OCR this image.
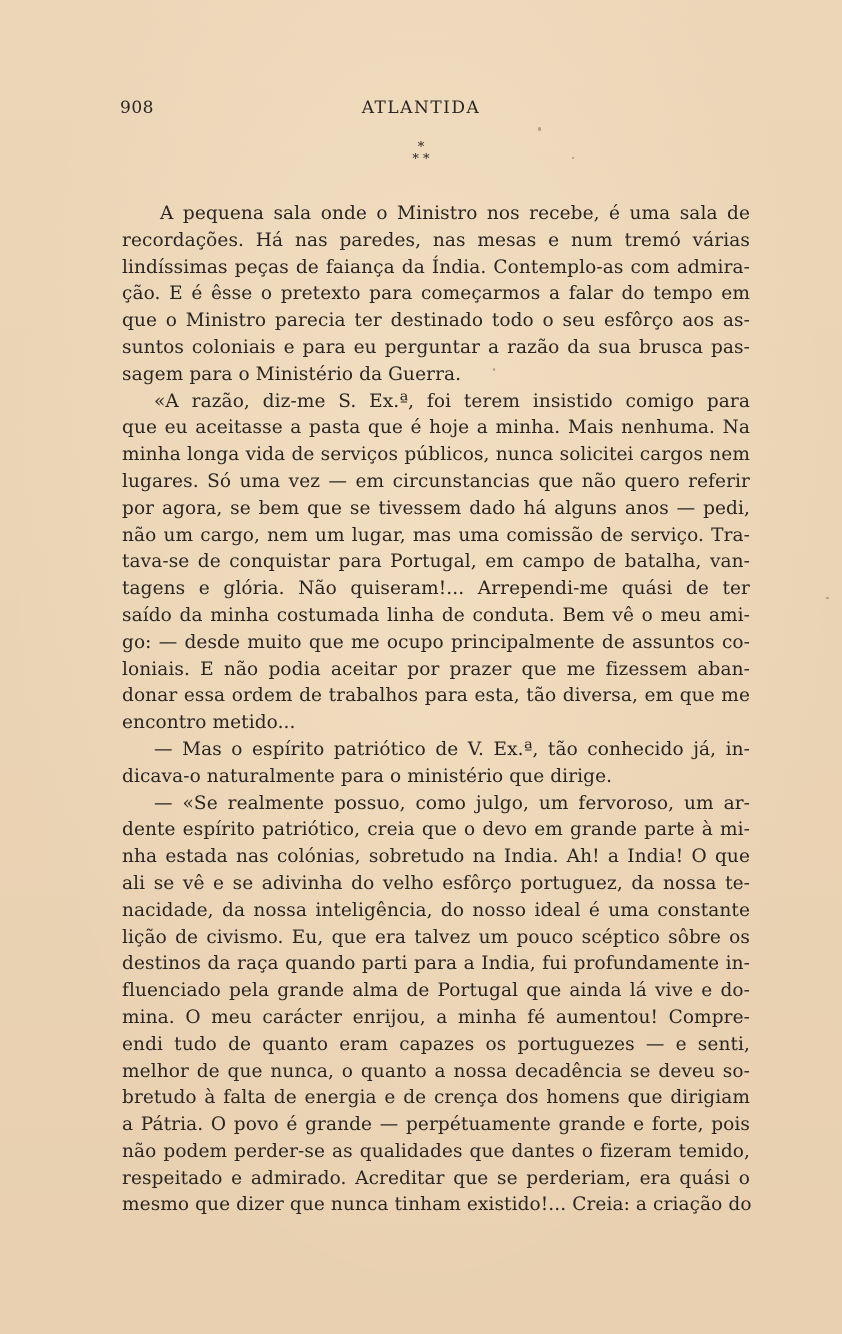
908	ATLANTIDA
*
* *
A pequena sala onde o Ministro nos recebe, é uma sala de
recordações. Há nas paredes, nas mesas e num tremó várias
lindíssimas peças de faiança da Índia. Contemplo-as com admira-
ção. E é êsse o pretexto para começarmos a falar do tempo em
que o Ministro parecia ter destinado todo o seu esfôrço aos as-
suntos coloniais e para eu perguntar a razão da sua brusca pas-
sagem para o Ministério da Guerra.
«A razão, diz-me S. Ex.ª, foi terem insistido comigo para
que eu aceitasse a pasta que é hoje a minha. Mais nenhuma. Na
minha longa vida de serviços públicos, nunca solicitei cargos nem
lugares. Só uma vez — em circunstancias que não quero referir
por agora, se bem que se tivessem dado há alguns anos — pedi,
não um cargo, nem um lugar, mas uma comissão de serviço. Tra-
tava-se de conquistar para Portugal, em campo de batalha, van-
tagens e glória. Não quiseram!... Arrependi-me quási de ter
saído da minha costumada linha de conduta. Bem vê o meu ami-
go: — desde muito que me ocupo principalmente de assuntos co-
loniais. E não podia aceitar por prazer que me fizessem aban-
donar essa ordem de trabalhos para esta, tão diversa, em que me
encontro metido...
— Mas o espírito patriótico de V. Ex.ª, tão conhecido já, in-
dicava-o naturalmente para o ministério que dirige.
— «Se realmente possuo, como julgo, um fervoroso, um ar-
dente espírito patriótico, creia que o devo em grande parte à mi-
nha estada nas colónias, sobretudo na India. Ah! a India! O que
ali se vê e se adivinha do velho esfôrço portuguez, da nossa te-
nacidade, da nossa inteligência, do nosso ideal é uma constante
lição de civismo. Eu, que era talvez um pouco scéptico sôbre os
destinos da raça quando parti para a India, fui profundamente in-
fluenciado pela grande alma de Portugal que ainda lá vive e do-
mina. O meu carácter enrijou, a minha fé aumentou! Compre-
endi tudo de quanto eram capazes os portuguezes — e senti,
melhor de que nunca, o quanto a nossa decadência se deveu so-
bretudo à falta de energia e de crença dos homens que dirigiam
a Pátria. O povo é grande — perpétuamente grande e forte, pois
não podem perder-se as qualidades que dantes o fizeram temido,
respeitado e admirado. Acreditar que se perderiam, era quási o
mesmo que dizer que nunca tinham existido!... Creia: a criação do
